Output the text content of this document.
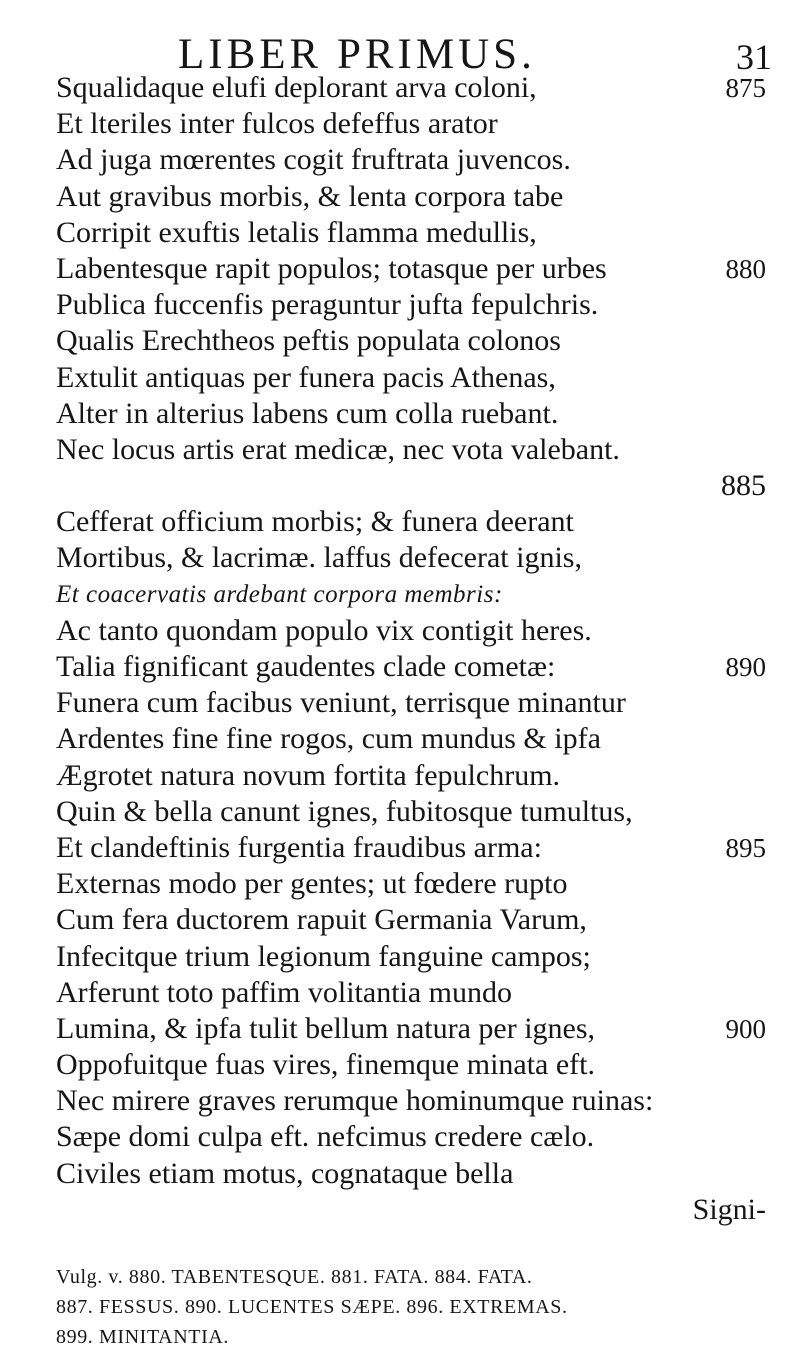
LIBER PRIMUS.	31
Squalidaque elufi deplorant arva coloni,	875
Et lteriles inter fulcos defeffus arator
Ad juga mœrentes cogit fruftrata juvencos.
Aut gravibus morbis, & lenta corpora tabe
Corripit exuftis letalis flamma medullis,
Labentesque rapit populos; totasque per urbes	880
Publica fuccenfis peraguntur jufta fepulchris.
Qualis Erechtheos peftis populata colonos
Extulit antiquas per funera pacis Athenas,
Alter in alterius labens cum colla ruebant.
Nec locus artis erat medicæ, nec vota valebant.
885
Cefferat officium morbis; & funera deerant
Mortibus, & lacrimæ. laffus defecerat ignis,
Et coacervatis ardebant corpora membris:
Ac tanto quondam populo vix contigit heres.
Talia fignificant gaudentes clade cometæ:	890
Funera cum facibus veniunt, terrisque minantur
Ardentes fine fine rogos, cum mundus & ipfa
Ægrotet natura novum fortita fepulchrum.
Quin & bella canunt ignes, fubitosque tumultus,
Et clandeftinis furgentia fraudibus arma:	895
Externas modo per gentes; ut fœdere rupto
Cum fera ductorem rapuit Germania Varum,
Infecitque trium legionum fanguine campos;
Arferunt toto paffim volitantia mundo
Lumina, & ipfa tulit bellum natura per ignes,	900
Oppofuitque fuas vires, finemque minata eft.
Nec mirere graves rerumque hominumque ruinas:
Sæpe domi culpa eft. nefcimus credere cælo.
Civiles etiam motus, cognataque bella
Signi-
Vulg. v. 880. TABENTESQUE. 881. FATA. 884. FATA.
887. FESSUS. 890. LUCENTES SÆPE. 896. EXTREMAS.
899. MINITANTIA.
